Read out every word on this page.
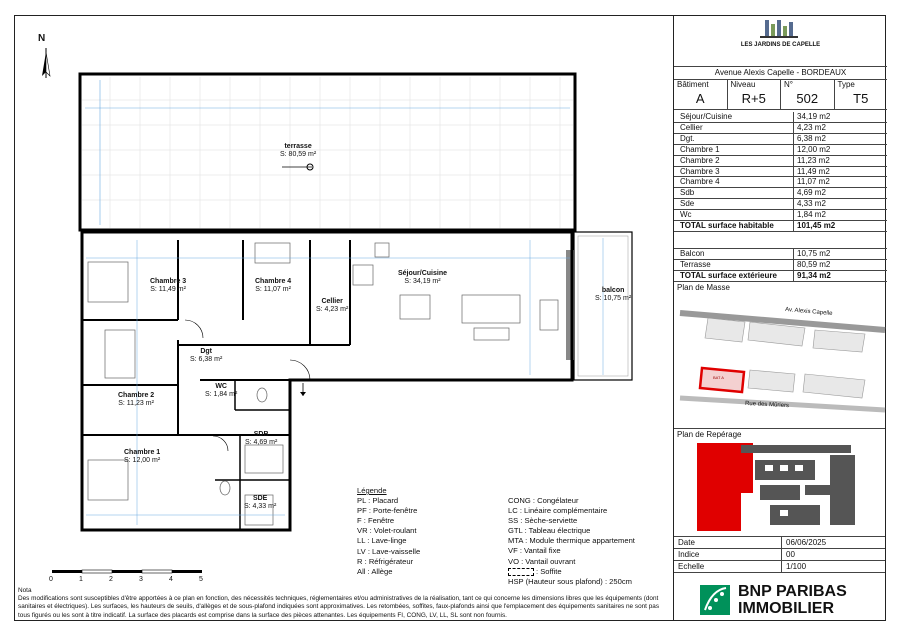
N
terrasse
S: 80,59 m²
balcon
S: 10,75 m²
Chambre 3
S: 11,49 m²
Chambre 4
S: 11,07 m²
Cellier
S: 4,23 m²
Séjour/Cuisine
S: 34,19 m²
Dgt
S: 6,38 m²
WC
S: 1,84 m²
Chambre 2
S: 11,23 m²
SDB
S: 4,69 m²
Chambre 1
S: 12,00 m²
SDE
S: 4,33 m²
0	1	2	3	4	5
Légende
PL : Placard
PF : Porte-fenêtre
F : Fenêtre
VR : Volet-roulant
LL : Lave-linge
LV : Lave-vaisselle
R : Réfrigérateur
All : Allège
CONG : Congélateur
LC : Linéaire complémentaire
SS : Sèche-serviette
GTL : Tableau électrique
MTA : Module thermique appartement
VF : Vantail fixe
VO : Vantail ouvrant
: Soffite
HSP (Hauteur sous plafond) : 250cm
Nota
Des modifications sont susceptibles d'être apportées à ce plan en fonction, des nécessités techniques, réglementaires et/ou administratives de la réalisation, tant ce qui concerne les dimensions libres que les équipements (dont sanitaires et électriques). Les surfaces, les hauteurs de seuils, d'allèges et de sous-plafond indiquées sont approximatives. Les retombées, soffites, faux-plafonds ainsi que l'emplacement des équipements sanitaires ne sont pas tous figurés ou les sont à titre indicatif. La surface des placards est comprise dans la surface des pièces attenantes. Les équipements FI, CONG, LV, LL, SL sont non fournis.
LES JARDINS DE CAPELLE
Avenue Alexis Capelle - BORDEAUX
Bâtiment	Niveau	N°	Type
A	R+5	502	T5
Séjour/Cuisine	34,19 m2
Cellier	4,23 m2
Dgt.	6,38 m2
Chambre 1	12,00 m2
Chambre 2	11,23 m2
Chambre 3	11,49 m2
Chambre 4	11,07 m2
Sdb	4,69 m2
Sde	4,33 m2
Wc	1,84 m2
TOTAL surface habitable	101,45 m2
Balcon	10,75 m2
Terrasse	80,59 m2
TOTAL surface extérieure	91,34 m2
Plan de Masse
Av. Alexis Capelle
Rue des Mûriers
BAT A
Plan de Repérage
Date	06/06/2025
Indice	00
Echelle	1/100
BNP PARIBAS
IMMOBILIER
